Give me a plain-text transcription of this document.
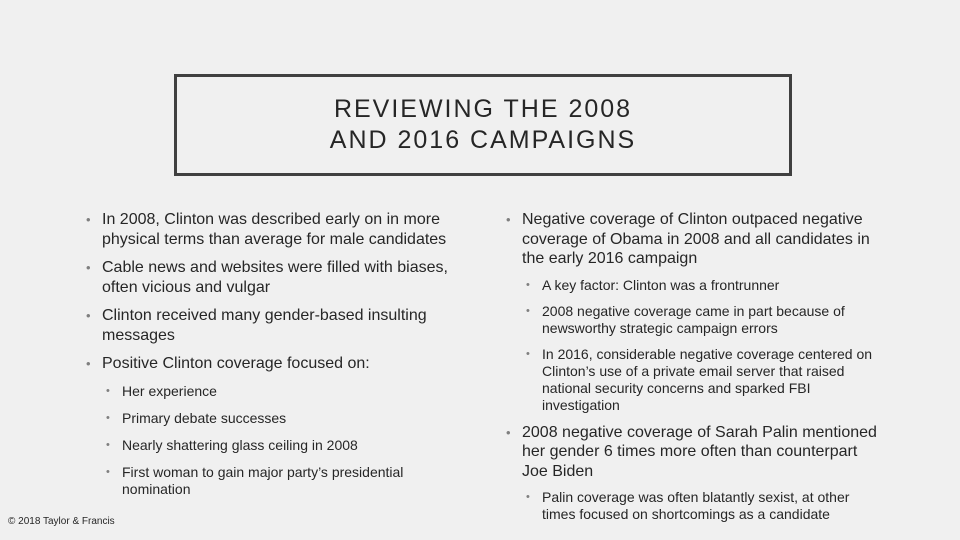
REVIEWING THE 2008
AND 2016 CAMPAIGNS
• In 2008, Clinton was described early on in more physical terms than average for male candidates
• Cable news and websites were filled with biases, often vicious and vulgar
• Clinton received many gender-based insulting messages
• Positive Clinton coverage focused on:
• Her experience
• Primary debate successes
• Nearly shattering glass ceiling in 2008
• First woman to gain major party’s presidential nomination
• Negative coverage of Clinton outpaced negative coverage of Obama in 2008 and all candidates in the early 2016 campaign
• A key factor: Clinton was a frontrunner
• 2008 negative coverage came in part because of newsworthy strategic campaign errors
• In 2016, considerable negative coverage centered on Clinton’s use of a private email server that raised national security concerns and sparked FBI investigation
• 2008 negative coverage of Sarah Palin mentioned her gender 6 times more often than counterpart Joe Biden
• Palin coverage was often blatantly sexist, at other times focused on shortcomings as a candidate
© 2018 Taylor & Francis
